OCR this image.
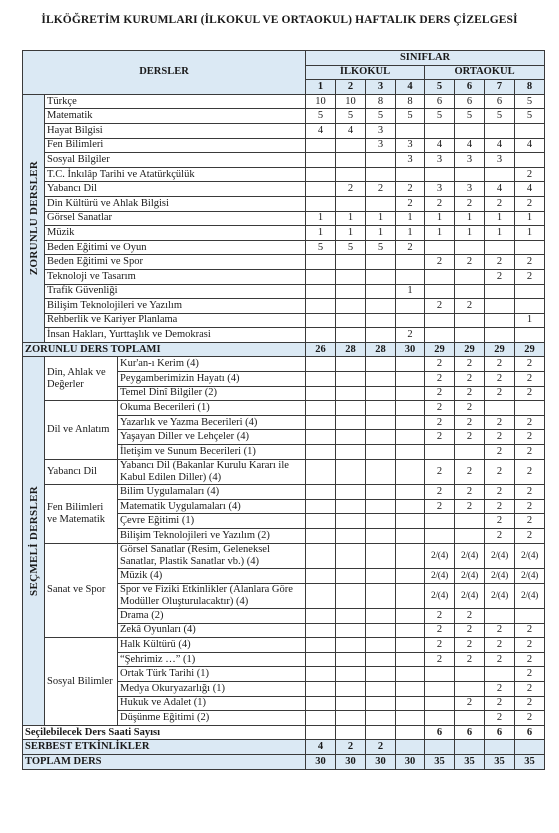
İLKÖĞRETİM KURUMLARI (İLKOKUL VE ORTAOKUL) HAFTALIK DERS ÇİZELGESİ
DERSLER			SINIFLAR							
			İLKOKUL				ORTAOKUL			
			1	2	3	4	5	6	7	8

ZORUNLU DERSLER	Türkçe		10	10	8	8	6	6	6	5
	Matematik		5	5	5	5	5	5	5	5
	Hayat Bilgisi		4	4	3					
	Fen Bilimleri				3	3	4	4	4	4
	Sosyal Bilgiler					3	3	3	3	
	T.C. İnkılâp Tarihi ve Atatürkçülük									2
	Yabancı Dil			2	2	2	3	3	4	4
	Din Kültürü ve Ahlak Bilgisi					2	2	2	2	2
	Görsel Sanatlar		1	1	1	1	1	1	1	1
	Müzik		1	1	1	1	1	1	1	1
	Beden Eğitimi ve Oyun		5	5	5	2				
	Beden Eğitimi ve Spor						2	2	2	2
	Teknoloji ve Tasarım								2	2
	Trafik Güvenliği					1				
	Bilişim Teknolojileri ve Yazılım						2	2		
	Rehberlik ve Kariyer Planlama									1
	İnsan Hakları, Yurttaşlık ve Demokrasi					2				
ZORUNLU DERS TOPLAMI			26	28	28	30	29	29	29	29

SEÇMELİ DERSLER	Din, Ahlak ve Değerler	Kur'an-ı Kerim (4)					2	2	2	2
		Peygamberimizin Hayatı (4)					2	2	2	2
		Temel Dinî Bilgiler (2)					2	2	2	2
	Dil ve Anlatım	Okuma Becerileri (1)					2	2		
		Yazarlık ve Yazma Becerileri (4)					2	2	2	2
		Yaşayan Diller ve Lehçeler (4)					2	2	2	2
		İletişim ve Sunum Becerileri (1)							2	2
	Yabancı Dil	Yabancı Dil (Bakanlar Kurulu Kararı ile Kabul Edilen Diller) (4)					2	2	2	2
	Fen Bilimleri ve Matematik	Bilim Uygulamaları (4)					2	2	2	2
		Matematik Uygulamaları (4)					2	2	2	2
		Çevre Eğitimi (1)							2	2
		Bilişim Teknolojileri ve Yazılım (2)							2	2
	Sanat ve Spor	Görsel Sanatlar (Resim, Geleneksel Sanatlar, Plastik Sanatlar vb.) (4)					2/(4)	2/(4)	2/(4)	2/(4)
		Müzik (4)					2/(4)	2/(4)	2/(4)	2/(4)
		Spor ve Fiziki Etkinlikler (Alanlara Göre Modüller Oluşturulacaktır) (4)					2/(4)	2/(4)	2/(4)	2/(4)
		Drama (2)					2	2		
		Zekâ Oyunları (4)					2	2	2	2
	Sosyal Bilimler	Halk Kültürü (4)					2	2	2	2
		“Şehrimiz …” (1)					2	2	2	2
		Ortak Türk Tarihi (1)								2
		Medya Okuryazarlığı (1)							2	2
		Hukuk ve Adalet (1)						2	2	2
		Düşünme Eğitimi (2)							2	2
Seçilebilecek Ders Saati Sayısı							6	6	6	6
SERBEST ETKİNLİKLER			4	2	2					
TOPLAM DERS			30	30	30	30	35	35	35	35
